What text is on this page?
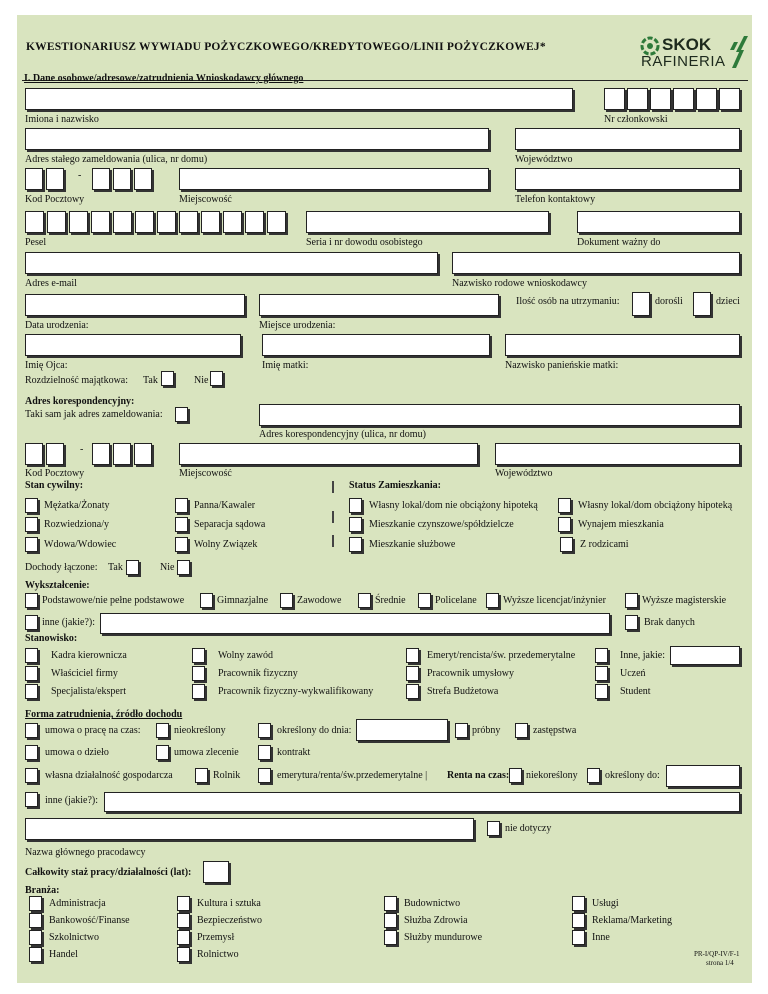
KWESTIONARIUSZ WYWIADU POŻYCZKOWEGO/KREDYTOWEGO/LINII POŻYCZKOWEJ*	SKOK
RAFINERIA
I. Dane osobowe/adresowe/zatrudnienia Wnioskodawcy głównego
Imiona i nazwisko	Nr członkowski
Adres stałego zameldowania (ulica, nr domu)	Województwo
-
Kod Pocztowy	Miejscowość	Telefon kontaktowy
Pesel	Seria i nr dowodu osobistego	Dokument ważny do
Adres e-mail	Nazwisko rodowe wnioskodawcy
Data urodzenia:	Miejsce urodzenia:
Ilość osób na utrzymaniu:	dorośli	dzieci
Imię Ojca:	Imię matki:	Nazwisko panieńskie matki:
Rozdzielność majątkowa: Tak	Nie
Adres korespondencyjny:
Taki sam jak adres zameldowania:
Adres korespondencyjny (ulica, nr domu)
-
Kod Pocztowy	Miejscowość	Województwo
Stan cywilny:	Status Zamieszkania:
Mężatka/Żonaty	Panna/Kawaler
Rozwiedziona/y	Separacja sądowa
Wdowa/Wdowiec	Wolny Związek
Własny lokal/dom nie obciążony hipoteką	Własny lokal/dom obciążony hipoteką
Mieszkanie czynszowe/spółdzielcze	Wynajem mieszkania
Mieszkanie służbowe	Z rodzicami
Dochody łączone: Tak	Nie
Wykształcenie:
Podstawowe/nie pełne podstawowe	Gimnazjalne	Zawodowe	Średnie	Policelane	Wyższe licencjat/inżynier	Wyższe magisterskie
inne (jakie?):	Brak danych
Stanowisko:
Kadra kierownicza	Wolny zawód	Emeryt/rencista/św. przedemerytalne	Inne, jakie:
Właściciel firmy	Pracownik fizyczny	Pracownik umysłowy	Uczeń
Specjalista/ekspert	Pracownik fizyczny-wykwalifikowany	Strefa Budżetowa	Student
Forma zatrudnienia, źródło dochodu
umowa o pracę na czas:	nieokreślony	określony do dnia:	próbny	zastępstwa
umowa o dzieło	umowa zlecenie	kontrakt
własna działalność gospodarcza	Rolnik	emerytura/renta/św.przedemerytalne | Renta na czas: niekoreślony	określony do:
inne (jakie?):
nie dotyczy
Nazwa głównego pracodawcy
Całkowity staż pracy/działalności (lat):
Branża:
Administracja	Kultura i sztuka	Budownictwo	Usługi
Bankowość/Finanse	Bezpieczeństwo	Służba Zdrowia	Reklama/Marketing
Szkolnictwo	Przemysł	Służby mundurowe	Inne
Handel	Rolnictwo	PR-I/QP-IV/F-1
strona 1/4
